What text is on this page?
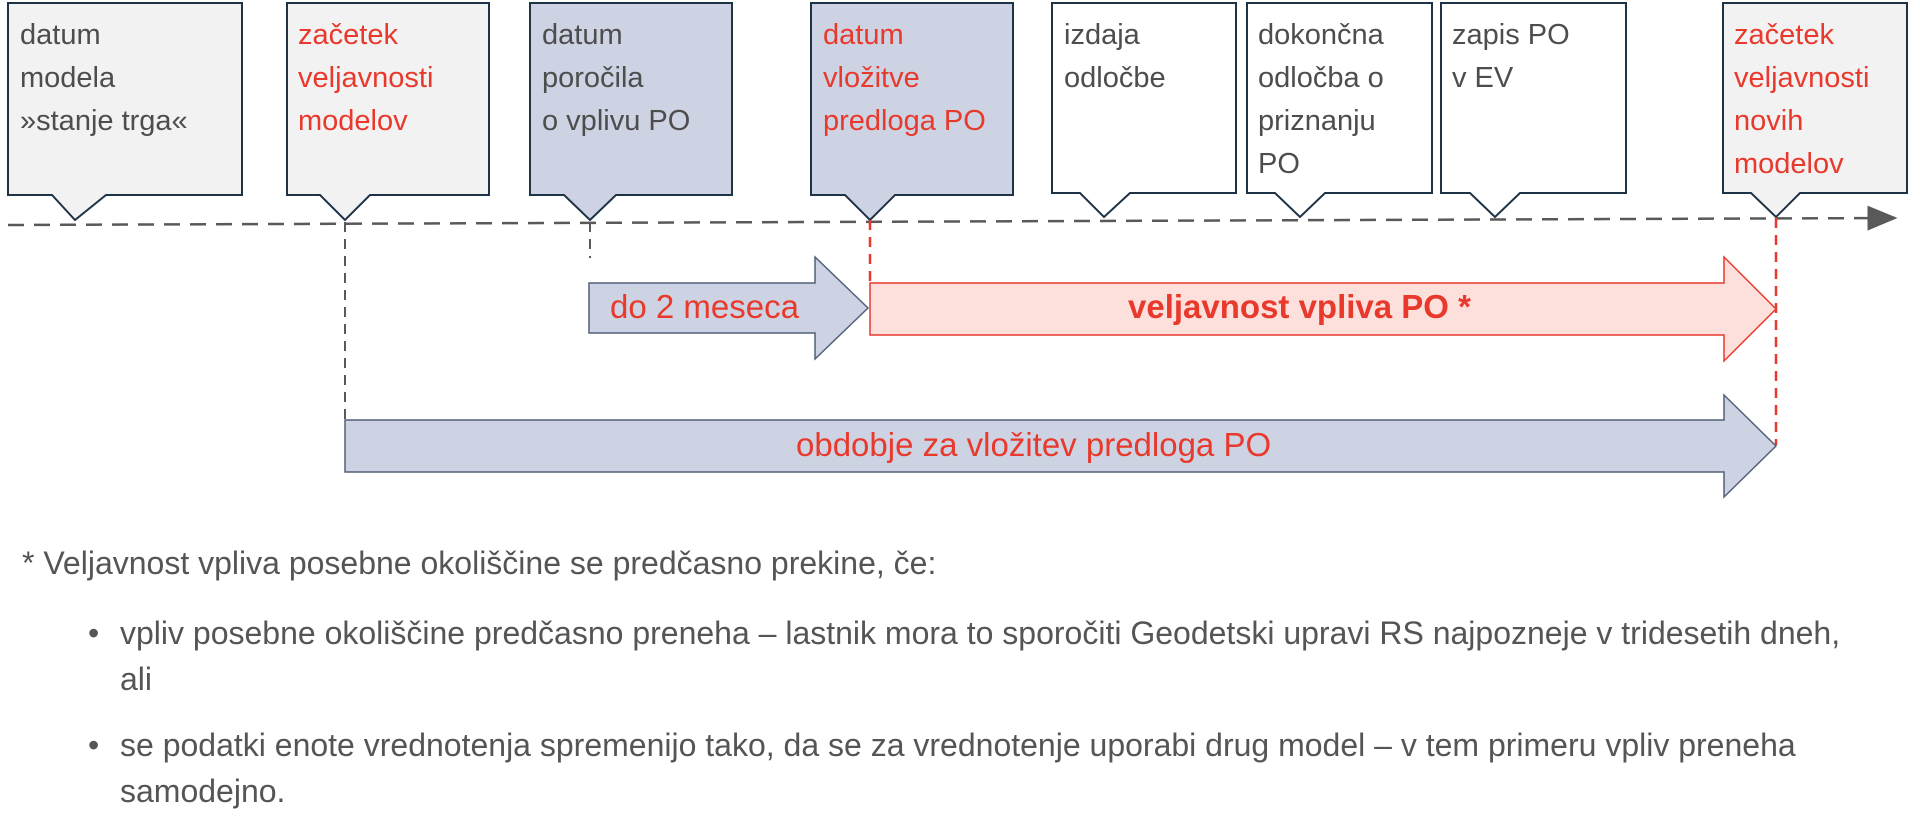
datum
modela
»stanje trga«
začetek
veljavnosti
modelov
datum
poročila
o vplivu PO
datum
vložitve
predloga PO
izdaja
odločbe
dokončna
odločba o
priznanju
PO
zapis PO
v EV
začetek
veljavnosti
novih
modelov
do 2 meseca	veljavnost vpliva PO *
obdobje za vložitev predloga PO
* Veljavnost vpliva posebne okoliščine se predčasno prekine, če:
• vpliv posebne okoliščine predčasno preneha – lastnik mora to sporočiti Geodetski upravi RS najpozneje v tridesetih dneh, ali
• se podatki enote vrednotenja spremenijo tako, da se za vrednotenje uporabi drug model – v tem primeru vpliv preneha samodejno.
